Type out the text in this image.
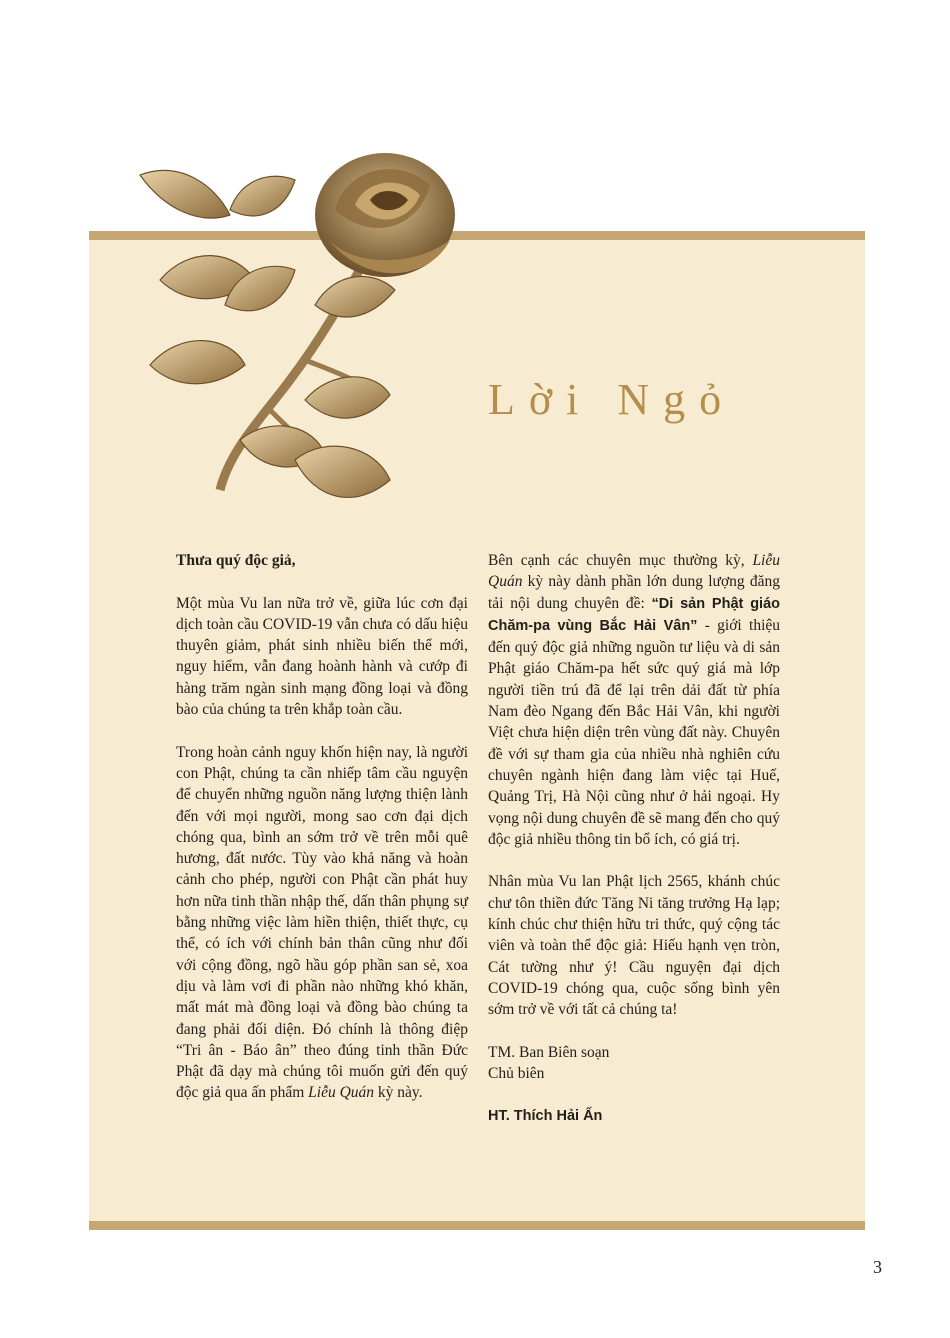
Lời Ngỏ
Thưa quý độc giả,

Một mùa Vu lan nữa trở về, giữa lúc cơn đại dịch toàn cầu COVID-19 vẫn chưa có dấu hiệu thuyên giảm, phát sinh nhiều biến thể mới, nguy hiểm, vẫn đang hoành hành và cướp đi hàng trăm ngàn sinh mạng đồng loại và đồng bào của chúng ta trên khắp toàn cầu.

Trong hoàn cảnh nguy khốn hiện nay, là người con Phật, chúng ta cần nhiếp tâm cầu nguyện để chuyển những nguồn năng lượng thiện lành đến với mọi người, mong sao cơn đại dịch chóng qua, bình an sớm trở về trên mỗi quê hương, đất nước. Tùy vào khả năng và hoàn cảnh cho phép, người con Phật cần phát huy hơn nữa tinh thần nhập thế, dấn thân phụng sự bằng những việc làm hiền thiện, thiết thực, cụ thể, có ích với chính bản thân cũng như đối với cộng đồng, ngõ hầu góp phần san sẻ, xoa dịu và làm vơi đi phần nào những khó khăn, mất mát mà đồng loại và đồng bào chúng ta đang phải đối diện. Đó chính là thông điệp “Tri ân - Báo ân” theo đúng tinh thần Đức Phật đã dạy mà chúng tôi muốn gửi đến quý độc giả qua ấn phẩm Liễu Quán kỳ này.

Bên cạnh các chuyên mục thường kỳ, Liễu Quán kỳ này dành phần lớn dung lượng đăng tải nội dung chuyên đề: “Di sản Phật giáo Chăm-pa vùng Bắc Hải Vân” - giới thiệu đến quý độc giả những nguồn tư liệu và di sản Phật giáo Chăm-pa hết sức quý giá mà lớp người tiền trú đã để lại trên dải đất từ phía Nam đèo Ngang đến Bắc Hải Vân, khi người Việt chưa hiện diện trên vùng đất này. Chuyên đề với sự tham gia của nhiều nhà nghiên cứu chuyên ngành hiện đang làm việc tại Huế, Quảng Trị, Hà Nội cũng như ở hải ngoại. Hy vọng nội dung chuyên đề sẽ mang đến cho quý độc giả nhiều thông tin bổ ích, có giá trị.

Nhân mùa Vu lan Phật lịch 2565, khánh chúc chư tôn thiền đức Tăng Ni tăng trưởng Hạ lạp; kính chúc chư thiện hữu tri thức, quý cộng tác viên và toàn thể độc giả: Hiếu hạnh vẹn tròn, Cát tường như ý! Cầu nguyện đại dịch COVID-19 chóng qua, cuộc sống bình yên sớm trở về với tất cả chúng ta!

TM. Ban Biên soạn
Chủ biên
HT. Thích Hải Ấn
3
